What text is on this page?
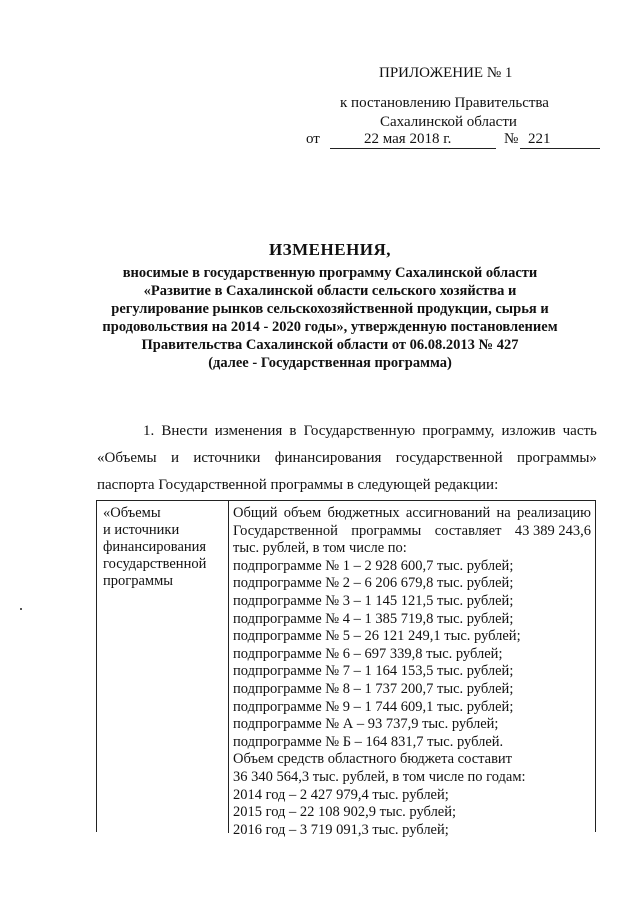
ПРИЛОЖЕНИЕ № 1
к постановлению Правительства
Сахалинской области
от	22 мая 2018 г.	№ 221
ИЗМЕНЕНИЯ,
вносимые в государственную программу Сахалинской области
«Развитие в Сахалинской области сельского хозяйства и
регулирование рынков сельскохозяйственной продукции, сырья и
продовольствия на 2014 - 2020 годы», утвержденную постановлением
Правительства Сахалинской области от 06.08.2013 № 427
(далее - Государственная программа)
1. Внести изменения в Государственную программу, изложив часть
«Объемы и источники финансирования государственной программы»
паспорта Государственной программы в следующей редакции:
«Объемы
и источники
финансирования
государственной
программы
Общий объем бюджетных ассигнований на реализацию
Государственной программы составляет 43 389 243,6
тыс. рублей, в том числе по:
подпрограмме № 1 – 2 928 600,7 тыс. рублей;
подпрограмме № 2 – 6 206 679,8 тыс. рублей;
подпрограмме № 3 – 1 145 121,5 тыс. рублей;
подпрограмме № 4 – 1 385 719,8 тыс. рублей;
подпрограмме № 5 – 26 121 249,1 тыс. рублей;
подпрограмме № 6 – 697 339,8 тыс. рублей;
подпрограмме № 7 – 1 164 153,5 тыс. рублей;
подпрограмме № 8 – 1 737 200,7 тыс. рублей;
подпрограмме № 9 – 1 744 609,1 тыс. рублей;
подпрограмме № А – 93 737,9 тыс. рублей;
подпрограмме № Б – 164 831,7 тыс. рублей.
Объем средств областного бюджета составит
36 340 564,3 тыс. рублей, в том числе по годам:
2014 год – 2 427 979,4 тыс. рублей;
2015 год – 22 108 902,9 тыс. рублей;
2016 год – 3 719 091,3 тыс. рублей;
